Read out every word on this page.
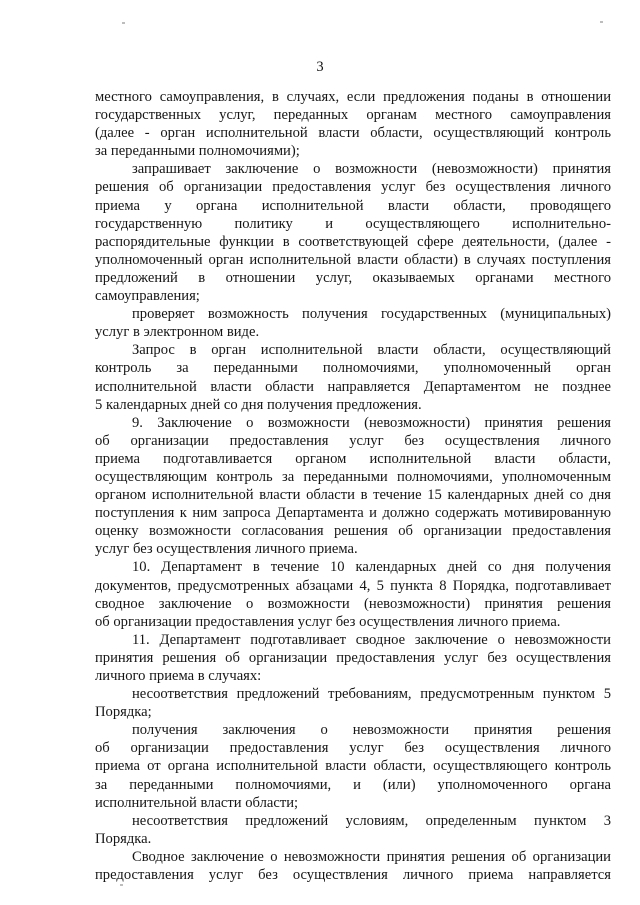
3
местного самоуправления, в случаях, если предложения поданы в отношении
государственных услуг, переданных органам местного самоуправления
(далее - орган исполнительной власти области, осуществляющий контроль
за переданными полномочиями);
запрашивает заключение о возможности (невозможности) принятия
решения об организации предоставления услуг без осуществления личного
приема у органа исполнительной власти области, проводящего
государственную политику и осуществляющего исполнительно-
распорядительные функции в соответствующей сфере деятельности, (далее -
уполномоченный орган исполнительной власти области) в случаях поступления
предложений в отношении услуг, оказываемых органами местного
самоуправления;
проверяет возможность получения государственных (муниципальных)
услуг в электронном виде.
Запрос в орган исполнительной власти области, осуществляющий
контроль за переданными полномочиями, уполномоченный орган
исполнительной власти области направляется Департаментом не позднее
5 календарных дней со дня получения предложения.
9. Заключение о возможности (невозможности) принятия решения
об организации предоставления услуг без осуществления личного
приема подготавливается органом исполнительной власти области,
осуществляющим контроль за переданными полномочиями, уполномоченным
органом исполнительной власти области в течение 15 календарных дней со дня
поступления к ним запроса Департамента и должно содержать мотивированную
оценку возможности согласования решения об организации предоставления
услуг без осуществления личного приема.
10. Департамент в течение 10 календарных дней со дня получения
документов, предусмотренных абзацами 4, 5 пункта 8 Порядка, подготавливает
сводное заключение о возможности (невозможности) принятия решения
об организации предоставления услуг без осуществления личного приема.
11. Департамент подготавливает сводное заключение о невозможности
принятия решения об организации предоставления услуг без осуществления
личного приема в случаях:
несоответствия предложений требованиям, предусмотренным пунктом 5
Порядка;
получения заключения о невозможности принятия решения
об организации предоставления услуг без осуществления личного
приема от органа исполнительной власти области, осуществляющего контроль
за переданными полномочиями, и (или) уполномоченного органа
исполнительной власти области;
несоответствия предложений условиям, определенным пунктом 3
Порядка.
Сводное заключение о невозможности принятия решения об организации
предоставления услуг без осуществления личного приема направляется
